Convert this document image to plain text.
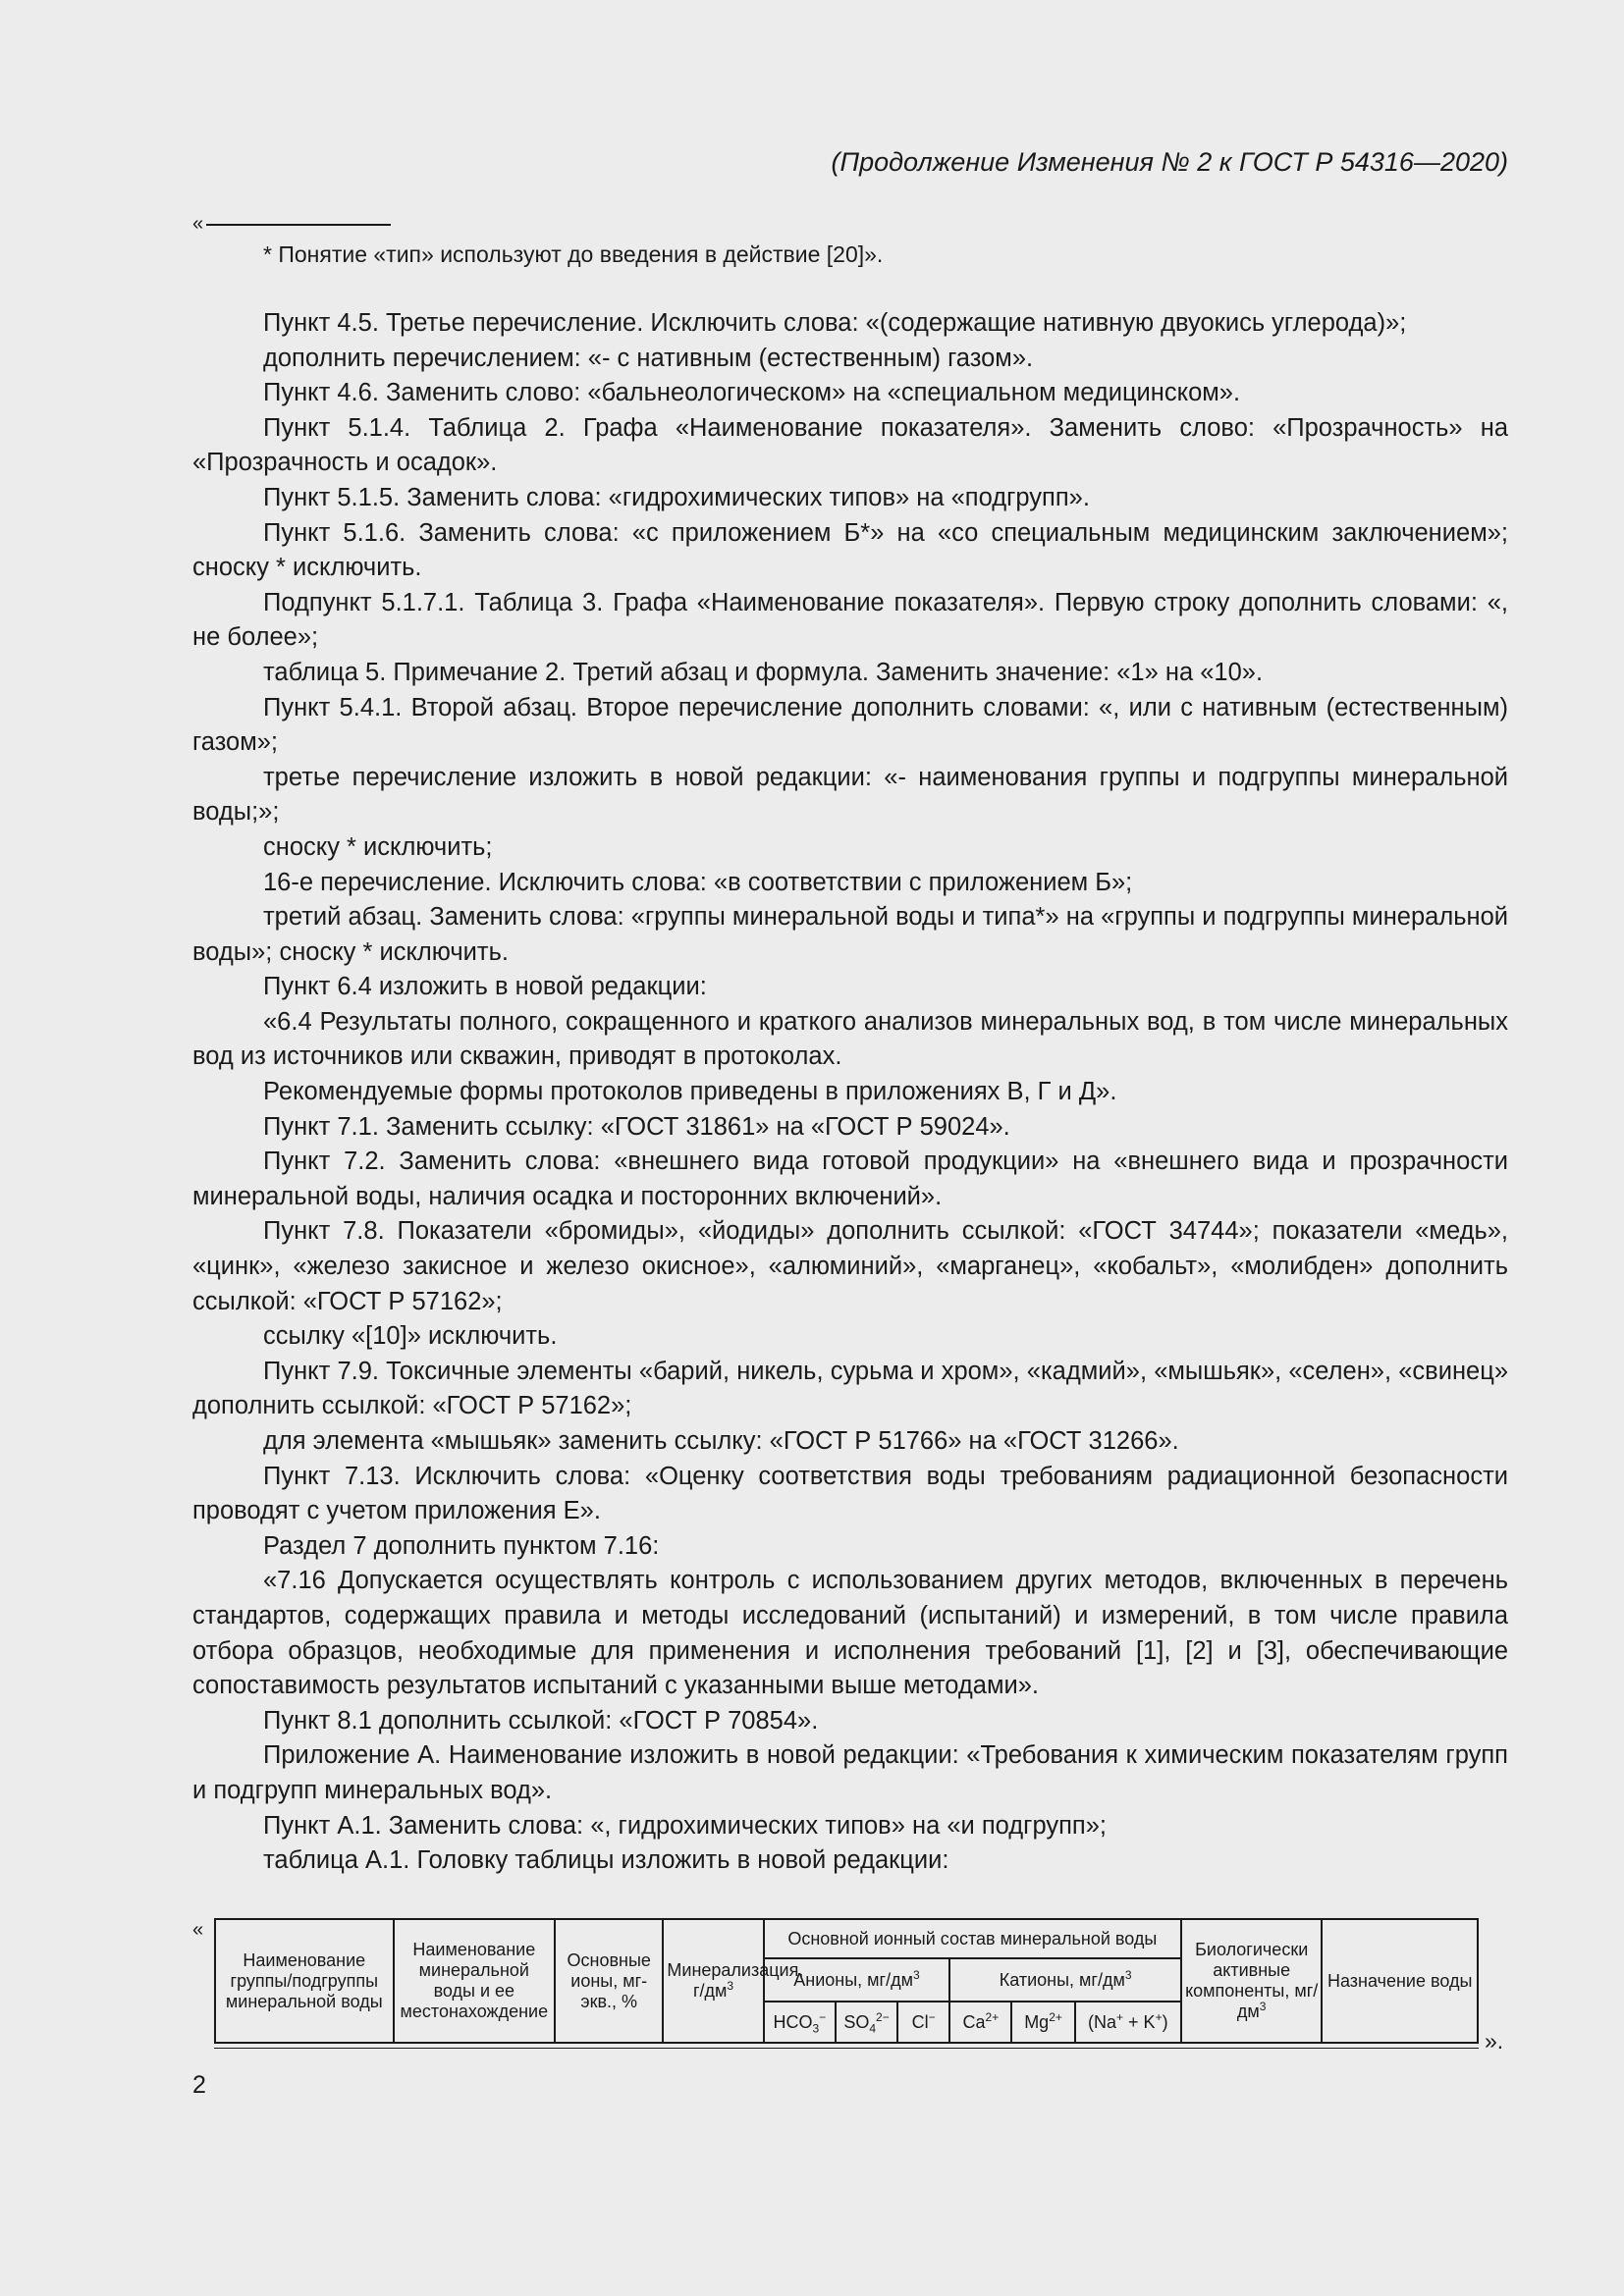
(Продолжение Изменения № 2 к ГОСТ Р 54316—2020)
«
* Понятие «тип» используют до введения в действие [20]».

Пункт 4.5. Третье перечисление. Исключить слова: «(содержащие нативную двуокись углерода)»;

дополнить перечислением: «- с нативным (естественным) газом».

Пункт 4.6. Заменить слово: «бальнеологическом» на «специальном медицинском».

Пункт 5.1.4. Таблица 2. Графа «Наименование показателя». Заменить слово: «Прозрачность» на «Прозрачность и осадок».

Пункт 5.1.5. Заменить слова: «гидрохимических типов» на «подгрупп».

Пункт 5.1.6. Заменить слова: «с приложением Б*» на «со специальным медицинским заключением»; сноску * исключить.

Подпункт 5.1.7.1. Таблица 3. Графа «Наименование показателя». Первую строку дополнить словами: «, не более»;

таблица 5. Примечание 2. Третий абзац и формула. Заменить значение: «1» на «10».

Пункт 5.4.1. Второй абзац. Второе перечисление дополнить словами: «, или с нативным (естественным) газом»;

третье перечисление изложить в новой редакции: «- наименования группы и подгруппы минеральной воды;»;

сноску * исключить;

16-е перечисление. Исключить слова: «в соответствии с приложением Б»;

третий абзац. Заменить слова: «группы минеральной воды и типа*» на «группы и подгруппы минеральной воды»; сноску * исключить.

Пункт 6.4 изложить в новой редакции:

«6.4 Результаты полного, сокращенного и краткого анализов минеральных вод, в том числе минеральных вод из источников или скважин, приводят в протоколах.

Рекомендуемые формы протоколов приведены в приложениях В, Г и Д».

Пункт 7.1. Заменить ссылку: «ГОСТ 31861» на «ГОСТ Р 59024».

Пункт 7.2. Заменить слова: «внешнего вида готовой продукции» на «внешнего вида и прозрачности минеральной воды, наличия осадка и посторонних включений».

Пункт 7.8. Показатели «бромиды», «йодиды» дополнить ссылкой: «ГОСТ 34744»; показатели «медь», «цинк», «железо закисное и железо окисное», «алюминий», «марганец», «кобальт», «молибден» дополнить ссылкой: «ГОСТ Р 57162»;

ссылку «[10]» исключить.

Пункт 7.9. Токсичные элементы «барий, никель, сурьма и хром», «кадмий», «мышьяк», «селен», «свинец» дополнить ссылкой: «ГОСТ Р 57162»;

для элемента «мышьяк» заменить ссылку: «ГОСТ Р 51766» на «ГОСТ 31266».

Пункт 7.13. Исключить слова: «Оценку соответствия воды требованиям радиационной безопасности проводят с учетом приложения Е».

Раздел 7 дополнить пунктом 7.16:

«7.16 Допускается осуществлять контроль с использованием других методов, включенных в перечень стандартов, содержащих правила и методы исследований (испытаний) и измерений, в том числе правила отбора образцов, необходимые для применения и исполнения требований [1], [2] и [3], обеспечивающие сопоставимость результатов испытаний с указанными выше методами».

Пункт 8.1 дополнить ссылкой: «ГОСТ Р 70854».

Приложение А. Наименование изложить в новой редакции: «Требования к химическим показателям групп и подгрупп минеральных вод».

Пункт А.1. Заменить слова: «, гидрохимических типов» на «и подгрупп»;

таблица А.1. Головку таблицы изложить в новой редакции:

«
Наименование группы/подгруппы минеральной воды	Наименование минеральной воды и ее местонахождение	Основные ионы, мг-экв., %	Минерализация, $г/дм^3$	Основной ионный состав минеральной воды						Биологически активные компоненты, $мг/дм^3$	Назначение воды
				Анионы, $мг/дм^3$			Катионы, $мг/дм^3$
				$HCO_3^-$	$SO_4^{2-}$	Cl−	$Ca^{2+}$	$Mg^{2+}$	(Na+ + K+)		
».
2
